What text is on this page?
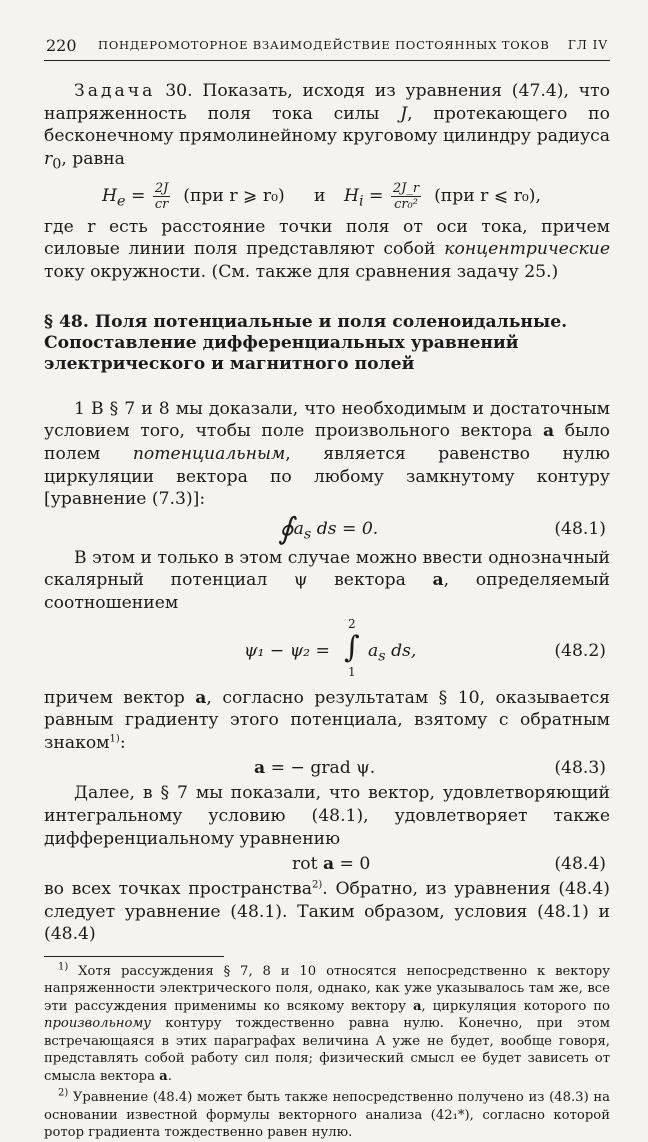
220 ПОНДЕРОМОТОРНОЕ ВЗАИМОДЕЙСТВИЕ ПОСТОЯННЫХ ТОКОВ ГЛ IV

Задача 30. Показать, исходя из уравнения (47.4), что напряженность поля тока силы J, протекающего по бесконечному прямолинейному круговому цилиндру радиуса $r_0$, равна

$H_e = \frac{2J}{cr} (при$ r ⩾ r₀) и $H_i = \frac{2J\_r}{\text{cr₀²}} (при$ r ⩽ r₀),

где r есть расстояние точки поля от оси тока, причем силовые линии поля представляют собой концентрические току окружности. (См. также для сравнения задачу 25.)

§ 48. Поля потенциальные и поля соленоидальные. Сопоставление дифференциальных уравнений электрического и магнитного полей

1 В § 7 и 8 мы доказали, что необходимым и достаточным условием того, чтобы поле произвольного вектора a было полем потенциальным, является равенство нулю циркуляции вектора по любому замкнутому контуру [уравнение (7.3)]:

$∮a_s$ ds = 0.	(48.1)

В этом и только в этом случае можно ввести однозначный скалярный потенциал ψ вектора a, определяемый соотношением

ψ₁ − ψ₂ =
2
∫
1
$a_s$ ds,	(48.2)

причем вектор a, согласно результатам § 10, оказывается равным градиенту этого потенциала, взятому с обратным знаком$^{1)}$:

a = − grad ψ.	(48.3)

Далее, в § 7 мы показали, что вектор, удовлетворяющий интегральному условию (48.1), удовлетворяет также дифференциальному уравнению

rot a = 0	(48.4)

во всех точках пространства$^{2)}$. Обратно, из уравнения (48.4) следует уравнение (48.1). Таким образом, условия (48.1) и (48.4)

$^{1)}$ Хотя рассуждения § 7, 8 и 10 относятся непосредственно к вектору напряженности электрического поля, однако, как уже указывалось там же, все эти рассуждения применимы ко всякому вектору a, циркуляция которого по произвольному контуру тождественно равна нулю. Конечно, при этом встречающаяся в этих параграфах величина A уже не будет, вообще говоря, представлять собой работу сил поля; физический смысл ее будет зависеть от смысла вектора a.

$^{2)}$ Уравнение (48.4) может быть также непосредственно получено из (48.3) на основании известной формулы векторного анализа (42₁*), согласно которой ротор градиента тождественно равен нулю.
